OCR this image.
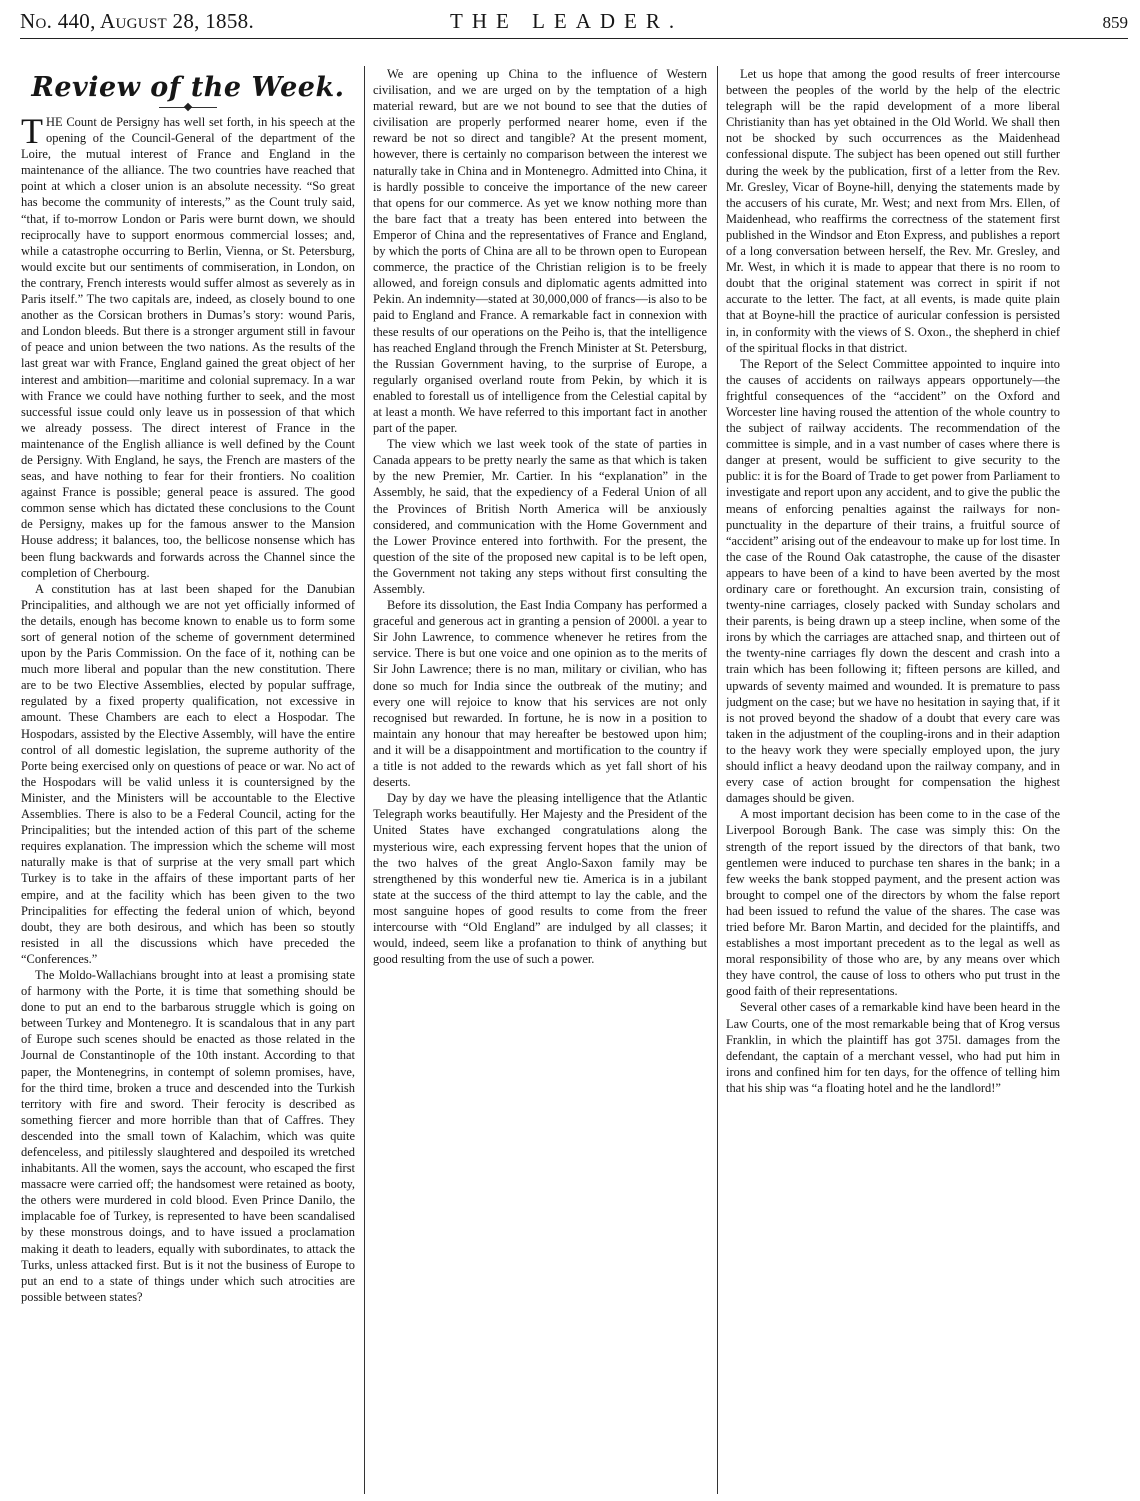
No. 440, August 28, 1858.	THE LEADER.	859
Review of the Week.

THE Count de Persigny has well set forth, in his speech at the opening of the Council-General of the department of the Loire, the mutual interest of France and England in the maintenance of the alliance. The two countries have reached that point at which a closer union is an absolute necessity. “So great has become the community of interests,” as the Count truly said, “that, if to-morrow London or Paris were burnt down, we should reciprocally have to support enormous commercial losses; and, while a catastrophe occurring to Berlin, Vienna, or St. Petersburg, would excite but our sentiments of commiseration, in London, on the contrary, French interests would suffer almost as severely as in Paris itself.” The two capitals are, indeed, as closely bound to one another as the Corsican brothers in Dumas’s story: wound Paris, and London bleeds. But there is a stronger argument still in favour of peace and union between the two nations. As the results of the last great war with France, England gained the great object of her interest and ambition—maritime and colonial supremacy. In a war with France we could have nothing further to seek, and the most successful issue could only leave us in possession of that which we already possess. The direct interest of France in the maintenance of the English alliance is well defined by the Count de Persigny. With England, he says, the French are masters of the seas, and have nothing to fear for their frontiers. No coalition against France is possible; general peace is assured. The good common sense which has dictated these conclusions to the Count de Persigny, makes up for the famous answer to the Mansion House address; it balances, too, the bellicose nonsense which has been flung backwards and forwards across the Channel since the completion of Cherbourg.

A constitution has at last been shaped for the Danubian Principalities, and although we are not yet officially informed of the details, enough has become known to enable us to form some sort of general notion of the scheme of government determined upon by the Paris Commission. On the face of it, nothing can be much more liberal and popular than the new constitution. There are to be two Elective Assemblies, elected by popular suffrage, regulated by a fixed property qualification, not excessive in amount. These Chambers are each to elect a Hospodar. The Hospodars, assisted by the Elective Assembly, will have the entire control of all domestic legislation, the supreme authority of the Porte being exercised only on questions of peace or war. No act of the Hospodars will be valid unless it is countersigned by the Minister, and the Ministers will be accountable to the Elective Assemblies. There is also to be a Federal Council, acting for the Principalities; but the intended action of this part of the scheme requires explanation. The impression which the scheme will most naturally make is that of surprise at the very small part which Turkey is to take in the affairs of these important parts of her empire, and at the facility which has been given to the two Principalities for effecting the federal union of which, beyond doubt, they are both desirous, and which has been so stoutly resisted in all the discussions which have preceded the “Conferences.”

The Moldo-Wallachians brought into at least a promising state of harmony with the Porte, it is time that something should be done to put an end to the barbarous struggle which is going on between Turkey and Montenegro. It is scandalous that in any part of Europe such scenes should be enacted as those related in the Journal de Constantinople of the 10th instant. According to that paper, the Montenegrins, in contempt of solemn promises, have, for the third time, broken a truce and descended into the Turkish territory with fire and sword. Their ferocity is described as something fiercer and more horrible than that of Caffres. They descended into the small town of Kalachim, which was quite defenceless, and pitilessly slaughtered and despoiled its wretched inhabitants. All the women, says the account, who escaped the first massacre were carried off; the handsomest were retained as booty, the others were murdered in cold blood. Even Prince Danilo, the implacable foe of Turkey, is represented to have been scandalised by these monstrous doings, and to have issued a proclamation making it death to leaders, equally with subordinates, to attack the Turks, unless attacked first. But is it not the business of Europe to put an end to a state of things under which such atrocities are possible between states?

We are opening up China to the influence of Western civilisation, and we are urged on by the temptation of a high material reward, but are we not bound to see that the duties of civilisation are properly performed nearer home, even if the reward be not so direct and tangible? At the present moment, however, there is certainly no comparison between the interest we naturally take in China and in Montenegro. Admitted into China, it is hardly possible to conceive the importance of the new career that opens for our commerce. As yet we know nothing more than the bare fact that a treaty has been entered into between the Emperor of China and the representatives of France and England, by which the ports of China are all to be thrown open to European commerce, the practice of the Christian religion is to be freely allowed, and foreign consuls and diplomatic agents admitted into Pekin. An indemnity—stated at 30,000,000 of francs—is also to be paid to England and France. A remarkable fact in connexion with these results of our operations on the Peiho is, that the intelligence has reached England through the French Minister at St. Petersburg, the Russian Government having, to the surprise of Europe, a regularly organised overland route from Pekin, by which it is enabled to forestall us of intelligence from the Celestial capital by at least a month. We have referred to this important fact in another part of the paper.

The view which we last week took of the state of parties in Canada appears to be pretty nearly the same as that which is taken by the new Premier, Mr. Cartier. In his “explanation” in the Assembly, he said, that the expediency of a Federal Union of all the Provinces of British North America will be anxiously considered, and communication with the Home Government and the Lower Province entered into forthwith. For the present, the question of the site of the proposed new capital is to be left open, the Government not taking any steps without first consulting the Assembly.

Before its dissolution, the East India Company has performed a graceful and generous act in granting a pension of 2000l. a year to Sir John Lawrence, to commence whenever he retires from the service. There is but one voice and one opinion as to the merits of Sir John Lawrence; there is no man, military or civilian, who has done so much for India since the outbreak of the mutiny; and every one will rejoice to know that his services are not only recognised but rewarded. In fortune, he is now in a position to maintain any honour that may hereafter be bestowed upon him; and it will be a disappointment and mortification to the country if a title is not added to the rewards which as yet fall short of his deserts.

Day by day we have the pleasing intelligence that the Atlantic Telegraph works beautifully. Her Majesty and the President of the United States have exchanged congratulations along the mysterious wire, each expressing fervent hopes that the union of the two halves of the great Anglo-Saxon family may be strengthened by this wonderful new tie. America is in a jubilant state at the success of the third attempt to lay the cable, and the most sanguine hopes of good results to come from the freer intercourse with “Old England” are indulged by all classes; it would, indeed, seem like a profanation to think of anything but good resulting from the use of such a power.

Let us hope that among the good results of freer intercourse between the peoples of the world by the help of the electric telegraph will be the rapid development of a more liberal Christianity than has yet obtained in the Old World. We shall then not be shocked by such occurrences as the Maidenhead confessional dispute. The subject has been opened out still further during the week by the publication, first of a letter from the Rev. Mr. Gresley, Vicar of Boyne-hill, denying the statements made by the accusers of his curate, Mr. West; and next from Mrs. Ellen, of Maidenhead, who reaffirms the correctness of the statement first published in the Windsor and Eton Express, and publishes a report of a long conversation between herself, the Rev. Mr. Gresley, and Mr. West, in which it is made to appear that there is no room to doubt that the original statement was correct in spirit if not accurate to the letter. The fact, at all events, is made quite plain that at Boyne-hill the practice of auricular confession is persisted in, in conformity with the views of S. Oxon., the shepherd in chief of the spiritual flocks in that district.

The Report of the Select Committee appointed to inquire into the causes of accidents on railways appears opportunely—the frightful consequences of the “accident” on the Oxford and Worcester line having roused the attention of the whole country to the subject of railway accidents. The recommendation of the committee is simple, and in a vast number of cases where there is danger at present, would be sufficient to give security to the public: it is for the Board of Trade to get power from Parliament to investigate and report upon any accident, and to give the public the means of enforcing penalties against the railways for non-punctuality in the departure of their trains, a fruitful source of “accident” arising out of the endeavour to make up for lost time. In the case of the Round Oak catastrophe, the cause of the disaster appears to have been of a kind to have been averted by the most ordinary care or forethought. An excursion train, consisting of twenty-nine carriages, closely packed with Sunday scholars and their parents, is being drawn up a steep incline, when some of the irons by which the carriages are attached snap, and thirteen out of the twenty-nine carriages fly down the descent and crash into a train which has been following it; fifteen persons are killed, and upwards of seventy maimed and wounded. It is premature to pass judgment on the case; but we have no hesitation in saying that, if it is not proved beyond the shadow of a doubt that every care was taken in the adjustment of the coupling-irons and in their adaption to the heavy work they were specially employed upon, the jury should inflict a heavy deodand upon the railway company, and in every case of action brought for compensation the highest damages should be given.

A most important decision has been come to in the case of the Liverpool Borough Bank. The case was simply this: On the strength of the report issued by the directors of that bank, two gentlemen were induced to purchase ten shares in the bank; in a few weeks the bank stopped payment, and the present action was brought to compel one of the directors by whom the false report had been issued to refund the value of the shares. The case was tried before Mr. Baron Martin, and decided for the plaintiffs, and establishes a most important precedent as to the legal as well as moral responsibility of those who are, by any means over which they have control, the cause of loss to others who put trust in the good faith of their representations.

Several other cases of a remarkable kind have been heard in the Law Courts, one of the most remarkable being that of Krog versus Franklin, in which the plaintiff has got 375l. damages from the defendant, the captain of a merchant vessel, who had put him in irons and confined him for ten days, for the offence of telling him that his ship was “a floating hotel and he the landlord!”
